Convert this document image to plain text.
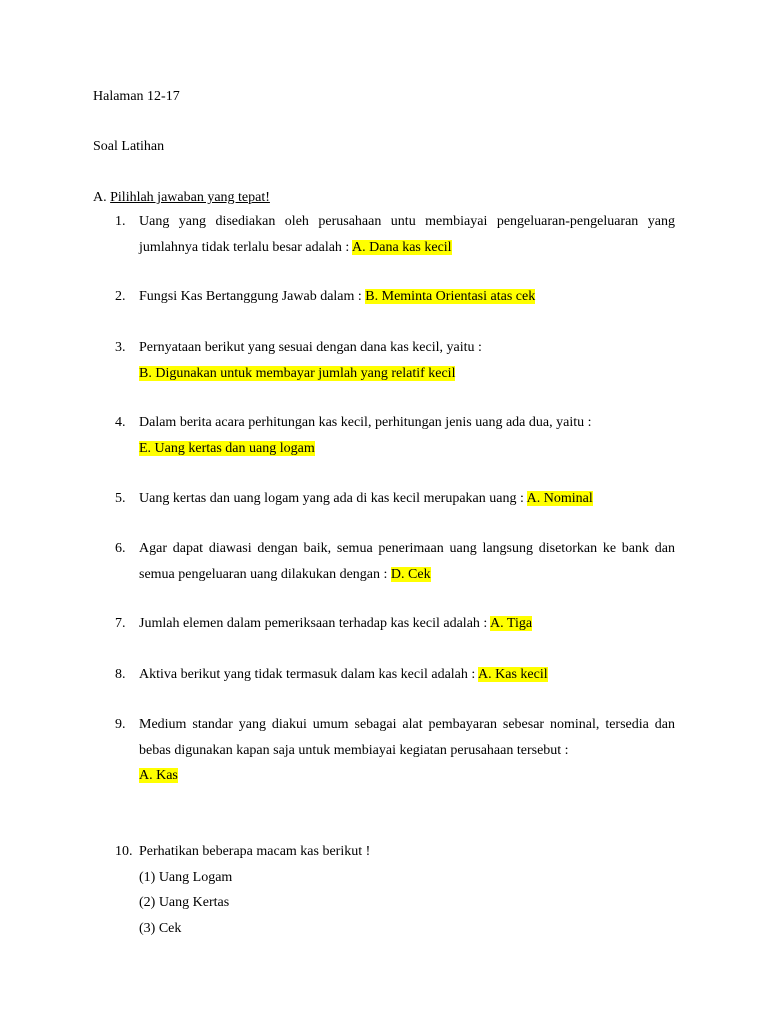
Halaman 12-17
Soal Latihan
A. Pilihlah jawaban yang tepat!
1. Uang yang disediakan oleh perusahaan untu membiayai pengeluaran-pengeluaran yang jumlahnya tidak terlalu besar adalah : A. Dana kas kecil
2. Fungsi Kas Bertanggung Jawab dalam : B. Meminta Orientasi atas cek
3. Pernyataan berikut yang sesuai dengan dana kas kecil, yaitu :
B. Digunakan untuk membayar jumlah yang relatif kecil
4. Dalam berita acara perhitungan kas kecil, perhitungan jenis uang ada dua, yaitu :
E. Uang kertas dan uang logam
5. Uang kertas dan uang logam yang ada di kas kecil merupakan uang : A. Nominal
6. Agar dapat diawasi dengan baik, semua penerimaan uang langsung disetorkan ke bank dan semua pengeluaran uang dilakukan dengan : D. Cek
7. Jumlah elemen dalam pemeriksaan terhadap kas kecil adalah : A. Tiga
8. Aktiva berikut yang tidak termasuk dalam kas kecil adalah : A. Kas kecil
9. Medium standar yang diakui umum sebagai alat pembayaran sebesar nominal, tersedia dan bebas digunakan kapan saja untuk membiayai kegiatan perusahaan tersebut :
A. Kas
10. Perhatikan beberapa macam kas berikut !
(1) Uang Logam
(2) Uang Kertas
(3) Cek
